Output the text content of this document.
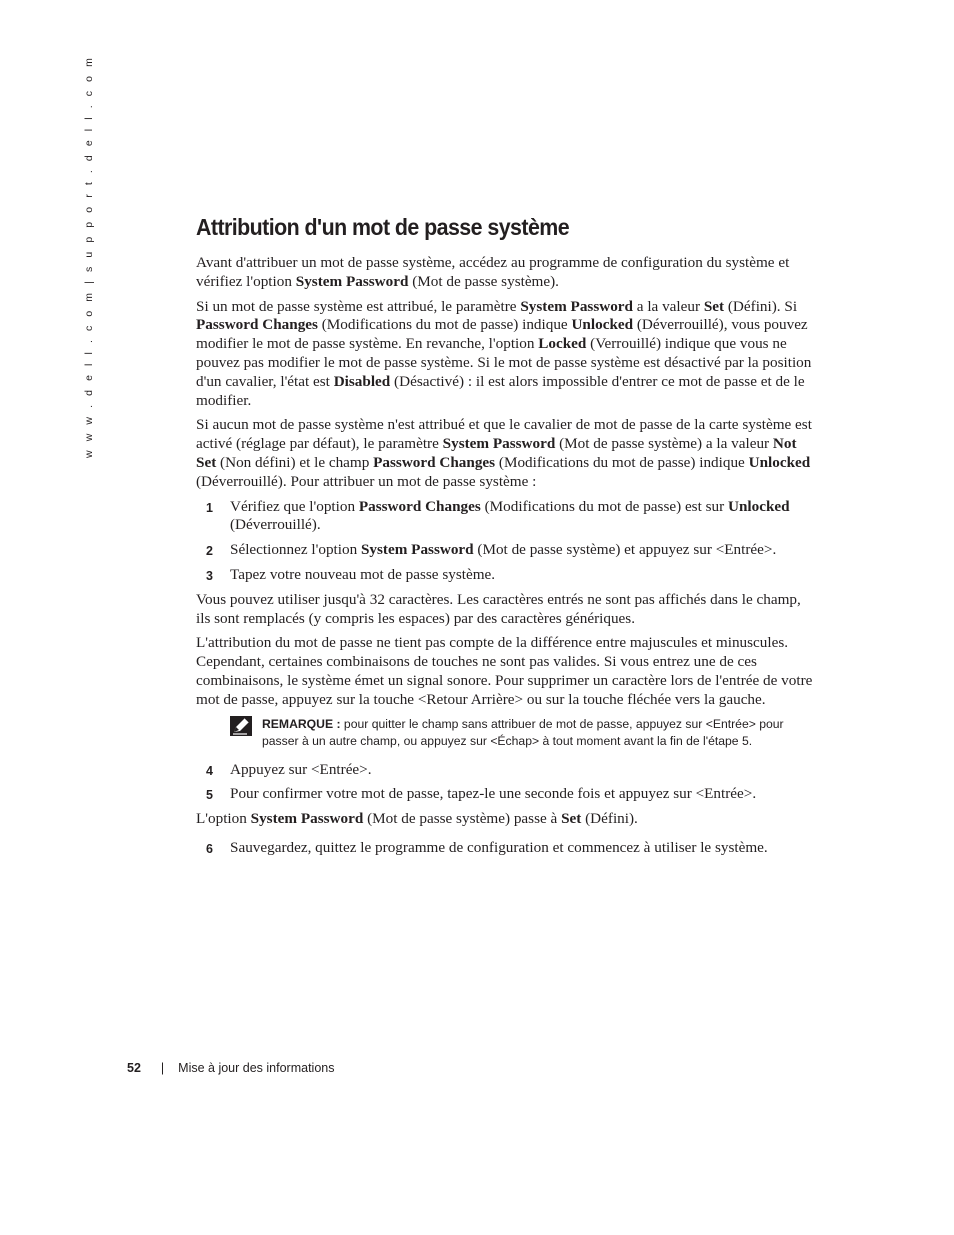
w w w . d e l l . c o m | s u p p o r t . d e l l . c o m	Attribution d'un mot de passe système

Avant d'attribuer un mot de passe système, accédez au programme de configuration du système et vérifiez l'option System Password (Mot de passe système).

Si un mot de passe système est attribué, le paramètre System Password a la valeur Set (Défini). Si Password Changes (Modifications du mot de passe) indique Unlocked (Déverrouillé), vous pouvez modifier le mot de passe système. En revanche, l'option Locked (Verrouillé) indique que vous ne pouvez pas modifier le mot de passe système. Si le mot de passe système est désactivé par la position d'un cavalier, l'état est Disabled (Désactivé) : il est alors impossible d'entrer ce mot de passe et de le modifier.

Si aucun mot de passe système n'est attribué et que le cavalier de mot de passe de la carte système est activé (réglage par défaut), le paramètre System Password (Mot de passe système) a la valeur Not Set (Non défini) et le champ Password Changes (Modifications du mot de passe) indique Unlocked (Déverrouillé). Pour attribuer un mot de passe système :

1 Vérifiez que l'option Password Changes (Modifications du mot de passe) est sur Unlocked (Déverrouillé).
2 Sélectionnez l'option System Password (Mot de passe système) et appuyez sur <Entrée>.
3 Tapez votre nouveau mot de passe système.

Vous pouvez utiliser jusqu'à 32 caractères. Les caractères entrés ne sont pas affichés dans le champ, ils sont remplacés (y compris les espaces) par des caractères génériques.

L'attribution du mot de passe ne tient pas compte de la différence entre majuscules et minuscules. Cependant, certaines combinaisons de touches ne sont pas valides. Si vous entrez une de ces combinaisons, le système émet un signal sonore. Pour supprimer un caractère lors de l'entrée de votre mot de passe, appuyez sur la touche <Retour Arrière> ou sur la touche fléchée vers la gauche.

REMARQUE : pour quitter le champ sans attribuer de mot de passe, appuyez sur <Entrée> pour passer à un autre champ, ou appuyez sur <Échap> à tout moment avant la fin de l'étape 5.
4 Appuyez sur <Entrée>.
5 Pour confirmer votre mot de passe, tapez-le une seconde fois et appuyez sur <Entrée>.

L'option System Password (Mot de passe système) passe à Set (Défini).

6 Sauvegardez, quittez le programme de configuration et commencez à utiliser le système.
52 | Mise à jour des informations
